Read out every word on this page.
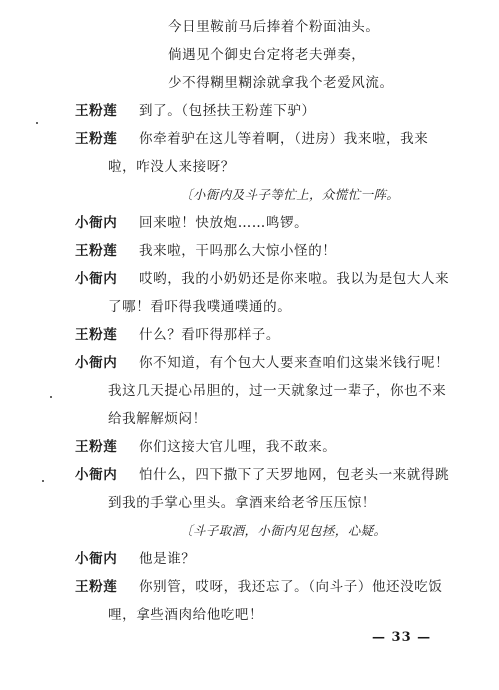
今日里鞍前马后捧着个粉面油头。
倘遇见个御史台定将老夫弹奏，
少不得糊里糊涂就拿我个老爱风流。
王粉莲 到了。（包拯扶王粉莲下驴）
王粉莲 你牵着驴在这儿等着啊，（进房）我来啦，我来
啦，咋没人来接呀？
〔小衙内及斗子等忙上，众慌忙一阵。
小衙内 回来啦！快放炮……鸣锣。
王粉莲 我来啦，干吗那么大惊小怪的！
小衙内 哎哟，我的小奶奶还是你来啦。我以为是包大人来
了哪！看吓得我噗通噗通的。
王粉莲 什么？看吓得那样子。
小衙内 你不知道，有个包大人要来查咱们这粜米钱行呢！
我这几天提心吊胆的，过一天就象过一辈子，你也不来
给我解解烦闷！
王粉莲 你们这接大官儿哩，我不敢来。
小衙内 怕什么，四下撒下了天罗地网，包老头一来就得跳
到我的手掌心里头。拿酒来给老爷压压惊！
〔斗子取酒，小衙内见包拯，心疑。
小衙内 他是谁？
王粉莲 你别管，哎呀，我还忘了。（向斗子）他还没吃饭
哩，拿些酒肉给他吃吧！
— 33 —
